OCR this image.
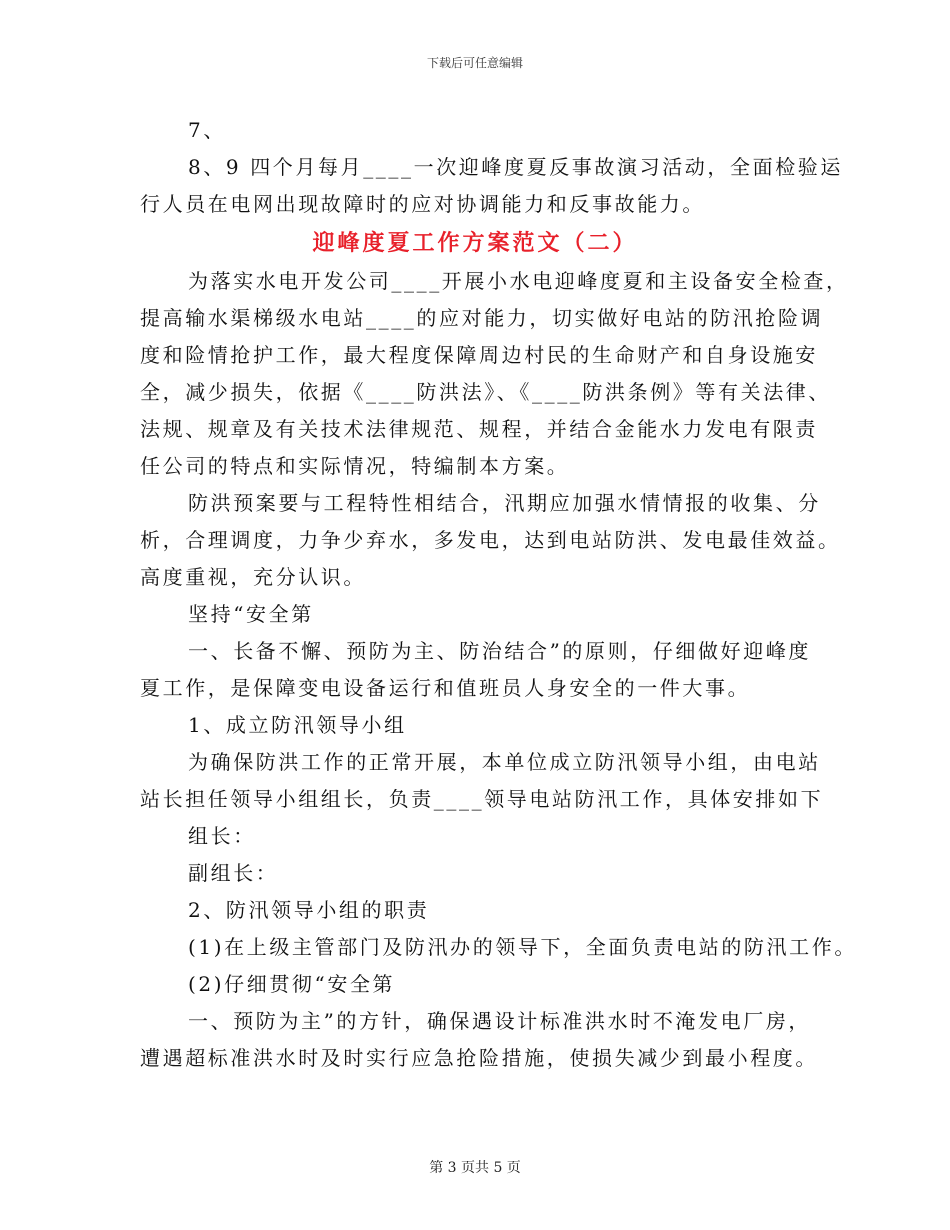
下载后可任意编辑
7、
8、9 四个月每月____一次迎峰度夏反事故演习活动，全面检验运
行人员在电网出现故障时的应对协调能力和反事故能力。
迎峰度夏工作方案范文（二）
为落实水电开发公司____开展小水电迎峰度夏和主设备安全检查，
提高输水渠梯级水电站____的应对能力，切实做好电站的防汛抢险调
度和险情抢护工作，最大程度保障周边村民的生命财产和自身设施安
全，减少损失，依据《____防洪法》、《____防洪条例》等有关法律、
法规、规章及有关技术法律规范、规程，并结合金能水力发电有限责
任公司的特点和实际情况，特编制本方案。
防洪预案要与工程特性相结合，汛期应加强水情情报的收集、分
析，合理调度，力争少弃水，多发电，达到电站防洪、发电最佳效益。
高度重视，充分认识。
坚持“安全第
一、长备不懈、预防为主、防治结合”的原则，仔细做好迎峰度
夏工作，是保障变电设备运行和值班员人身安全的一件大事。
1、成立防汛领导小组
为确保防洪工作的正常开展，本单位成立防汛领导小组，由电站
站长担任领导小组组长，负责____领导电站防汛工作，具体安排如下
组长：
副组长：
2、防汛领导小组的职责
(1)在上级主管部门及防汛办的领导下，全面负责电站的防汛工作。
(2)仔细贯彻“安全第
一、预防为主”的方针，确保遇设计标准洪水时不淹发电厂房，
遭遇超标准洪水时及时实行应急抢险措施，使损失减少到最小程度。
第 3 页共 5 页
